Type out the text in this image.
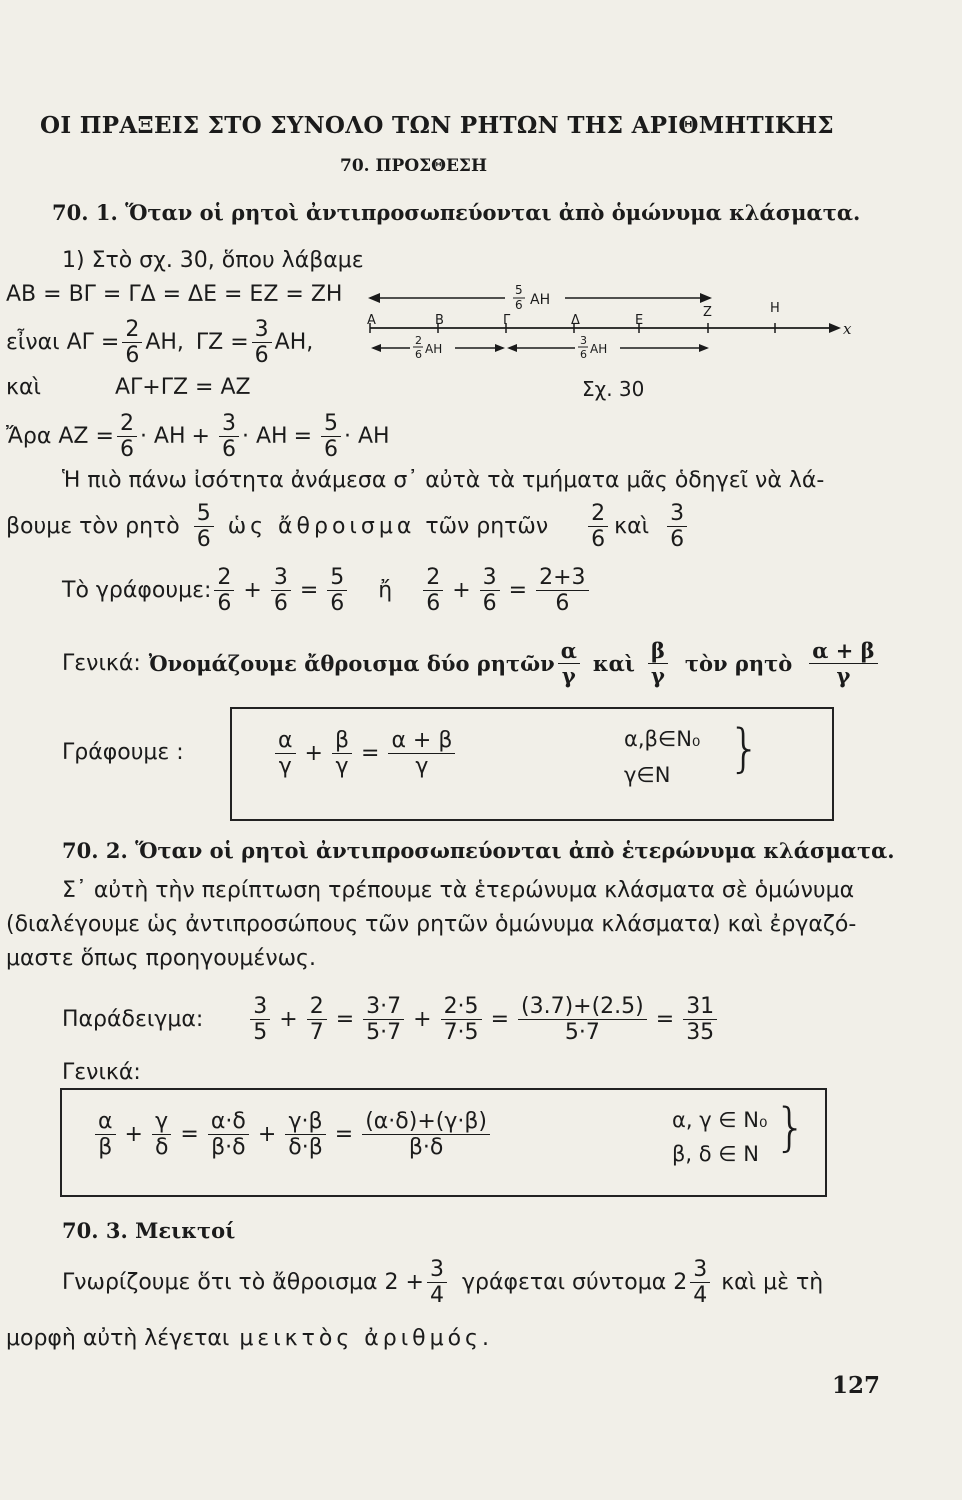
ΟΙ ΠΡΑΞΕΙΣ ΣΤΟ ΣΥΝΟΛΟ ΤΩΝ ΡΗΤΩΝ ΤΗΣ ΑΡΙΘΜΗΤΙΚΗΣ
70. ΠΡΟΣΘΕΣΗ
70. 1. Ὅταν οἱ ρητοὶ ἀντιπροσωπεύονται ἀπὸ ὁμώνυμα κλάσματα.
1) Στὸ σχ. 30, ὅπου λάβαμε
ΑΒ = ΒΓ = ΓΔ = ΔΕ = ΕΖ = ΖΗ
εἶναι $A\Gamma = \frac{2}{6} AH$, $\Gamma Z = \frac{3}{6} AH$,
5
6 ΑΗ
Α	Β	Γ	Δ	Ε
Ζ	Η
x
2
6 ΑΗ
3
6 ΑΗ
καὶ	ΑΓ+ΓΖ = ΑΖ	Σχ. 30
Ἄρα $AZ = \frac{2}{6} \cdot AH + \frac{3}{6} \cdot AH = \frac{5}{6} \cdot AH$
Ἡ πιὸ πάνω ἰσότητα ἀνάμεσα σ᾽ αὐτὰ τὰ τμήματα μᾶς ὁδηγεῖ νὰ λά-
βουμε τὸν ρητὸ $\frac{5}{6}$ ὡς ἄθροισμα τῶν ρητῶν $\frac{2}{6}$ καὶ $\frac{3}{6}$
Τὸ γράφουμε: $\frac{2}{6} + \frac{3}{6} = \frac{5}{6}$ ἤ $\frac{2}{6} + \frac{3}{6} = \frac{2+3}{6}$
Γενικά: Ὀνομάζουμε ἄθροισμα δύο ρητῶν $\frac{\alpha}{\gamma}$ καὶ $\frac{\beta}{\gamma}$ τὸν ρητὸ $\frac{\alpha + \beta}{\gamma}$
Γράφουμε :	$\frac{\alpha}{\gamma} + \frac{\beta}{\gamma} = \frac{\alpha + \beta}{\gamma}$	α,β∈N₀
γ∈N }
70. 2. Ὅταν οἱ ρητοὶ ἀντιπροσωπεύονται ἀπὸ ἑτερώνυμα κλάσματα.
Σ᾽ αὐτὴ τὴν περίπτωση τρέπουμε τὰ ἑτερώνυμα κλάσματα σὲ ὁμώνυμα
(διαλέγουμε ὡς ἀντιπροσώπους τῶν ρητῶν ὁμώνυμα κλάσματα) καὶ ἐργαζό-
μαστε ὅπως προηγουμένως.
Παράδειγμα: $\frac{3}{5} + \frac{2}{7} = \frac{3\cdot 7}{5\cdot 7} + \frac{2\cdot 5}{7\cdot 5} = \frac{(3.7)+(2.5)}{5\cdot 7} = \frac{31}{35}$
Γενικά:
$\frac{\alpha}{\beta} + \frac{\gamma}{\delta} = \frac{\alpha\cdot\delta}{\beta\cdot\delta} + \frac{\gamma\cdot\beta}{\delta\cdot\beta} = \frac{(\alpha\cdot\delta)+(\gamma\cdot\beta)}{\beta\cdot\delta}$	α, γ ∈ N₀
β, δ ∈ N }
70. 3. Μεικτοί
Γνωρίζουμε ὅτι τὸ ἄθροισμα $2 + \frac{3}{4}$ γράφεται σύντομα $2 \frac{3}{4}$ καὶ μὲ τὴ
μορφὴ αὐτὴ λέγεται μεικτὸς ἀριθμός.
127
